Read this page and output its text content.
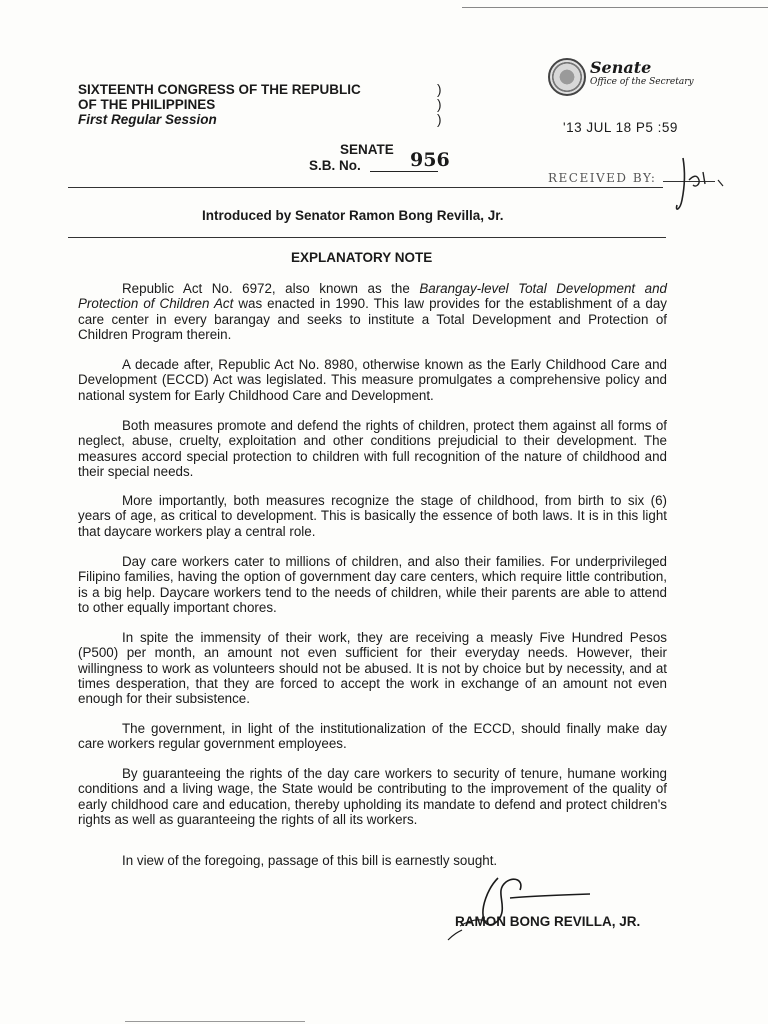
SIXTEENTH CONGRESS OF THE REPUBLIC
OF THE PHILIPPINES
First Regular Session
)
)
)
Senate
Office of the Secretary
'13 JUL 18 P5 :59
RECEIVED BY:
SENATE
S.B. No.	956
Introduced by Senator Ramon Bong Revilla, Jr.
EXPLANATORY NOTE
Republic Act No. 6972, also known as the Barangay-level Total Development and Protection of Children Act was enacted in 1990. This law provides for the establishment of a day care center in every barangay and seeks to institute a Total Development and Protection of Children Program therein.
A decade after, Republic Act No. 8980, otherwise known as the Early Childhood Care and Development (ECCD) Act was legislated. This measure promulgates a comprehensive policy and national system for Early Childhood Care and Development.
Both measures promote and defend the rights of children, protect them against all forms of neglect, abuse, cruelty, exploitation and other conditions prejudicial to their development. The measures accord special protection to children with full recognition of the nature of childhood and their special needs.
More importantly, both measures recognize the stage of childhood, from birth to six (6) years of age, as critical to development. This is basically the essence of both laws. It is in this light that daycare workers play a central role.
Day care workers cater to millions of children, and also their families. For underprivileged Filipino families, having the option of government day care centers, which require little contribution, is a big help. Daycare workers tend to the needs of children, while their parents are able to attend to other equally important chores.
In spite the immensity of their work, they are receiving a measly Five Hundred Pesos (P500) per month, an amount not even sufficient for their everyday needs. However, their willingness to work as volunteers should not be abused. It is not by choice but by necessity, and at times desperation, that they are forced to accept the work in exchange of an amount not even enough for their subsistence.
The government, in light of the institutionalization of the ECCD, should finally make day care workers regular government employees.
By guaranteeing the rights of the day care workers to security of tenure, humane working conditions and a living wage, the State would be contributing to the improvement of the quality of early childhood care and education, thereby upholding its mandate to defend and protect children's rights as well as guaranteeing the rights of all its workers.
In view of the foregoing, passage of this bill is earnestly sought.
RAMON BONG REVILLA, JR.
